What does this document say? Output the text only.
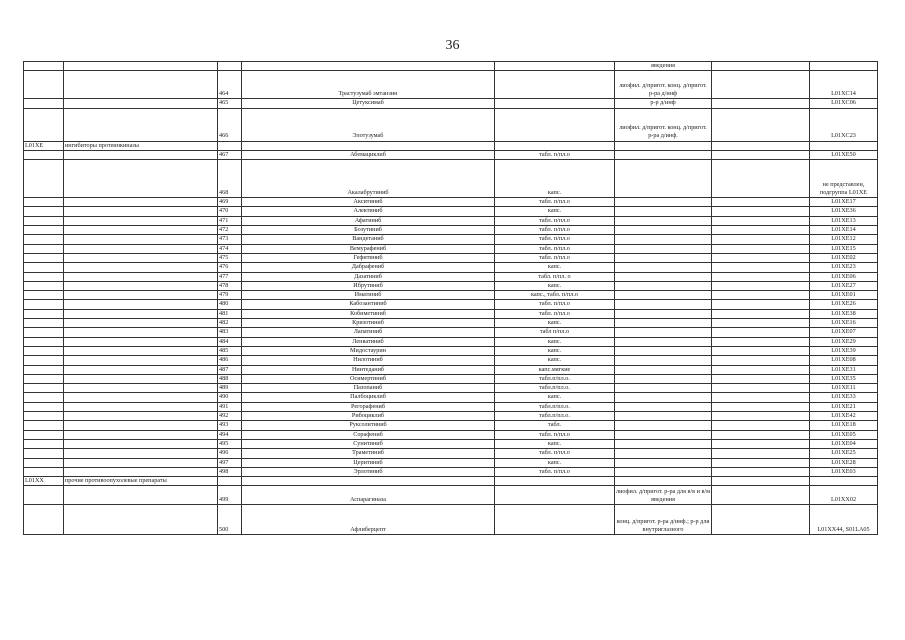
36
					введения		
		464	Трастузумаб эмтанзин		лиофил. д/пригот. конц. д/пригот. р-ра д/инф		L01XC14
		465	Цетуксимаб		р-р д/инф		L01XC06
		466	Элотузумаб		лиофил. д/пригот. конц. д/пригот. р-ра д/инф.		L01XC23
L01XE	ингибиторы протеинкиназы						
		467	Абемациклиб	табл. п/пл.о			L01XE50
		468	Акалабрутиниб	капс.			не представлен, подгруппа L01XE
		469	Акситиниб	табл. п/пл.о			L01XE17
		470	Алектиниб	капс.			L01XE36
		471	Афатиниб	табл. п/пл.о			L01XE13
		472	Бозутиниб	табл. п/пл.о			L01XE14
		473	Вандетаниб	табл. п/пл.о			L01XE12
		474	Вемурафениб	табл. п/пл.о			L01XE15
		475	Гефитиниб	табл. п/пл.о			L01XE02
		476	Дабрафениб	капс.			L01XE23
		477	Дазатиниб	табл. п/пл. о			L01XE06
		478	Ибрутиниб	капс.			L01XE27
		479	Иматиниб	капс., табл. п/пл.о			L01XE01
		480	Кабозантиниб	табл. п/пл.о			L01XE26
		481	Кобиметиниб	табл. п/пл.о			L01XE38
		482	Кризотиниб	капс.			L01XE16
		483	Лапатиниб	табл п/пл.о			L01XE07
		484	Ленватиниб	капс.			L01XE29
		485	Мидостаурин	капс.			L01XE39
		486	Нилотиниб	капс.			L01XE08
		487	Нинтеданиб	капс.мягкие			L01XE31
		488	Осимертиниб	табл.п/пл.о.			L01XE35
		489	Пазопаниб	табл.п/пл.о.			L01XE11
		490	Палбоциклиб	капс.			L01XE33
		491	Регорафениб	табл.п/пл.о.			L01XE21
		492	Рибоциклиб	табл.п/пл.о.			L01XE42
		493	Руксолитиниб	табл.			L01XE18
		494	Сорафениб	табл. п/пл.о			L01XE05
		495	Сунитиниб	капс.			L01XE04
		496	Траметиниб	табл. п/пл.о			L01XE25
		497	Церитиниб	капс.			L01XE28
		498	Эрлотиниб	табл. п/пл.о			L01XE03
L01XX	прочие противоопухолевые препараты						
		499	Аспарагиназа		лиофил. д/пригот. р-ра для в/в и в/м введения		L01XX02
		500	Афлиберцепт		конц. д/пригот. р-ра д/инф.; р-р для внутриглазного		L01XX44, S01LA05
